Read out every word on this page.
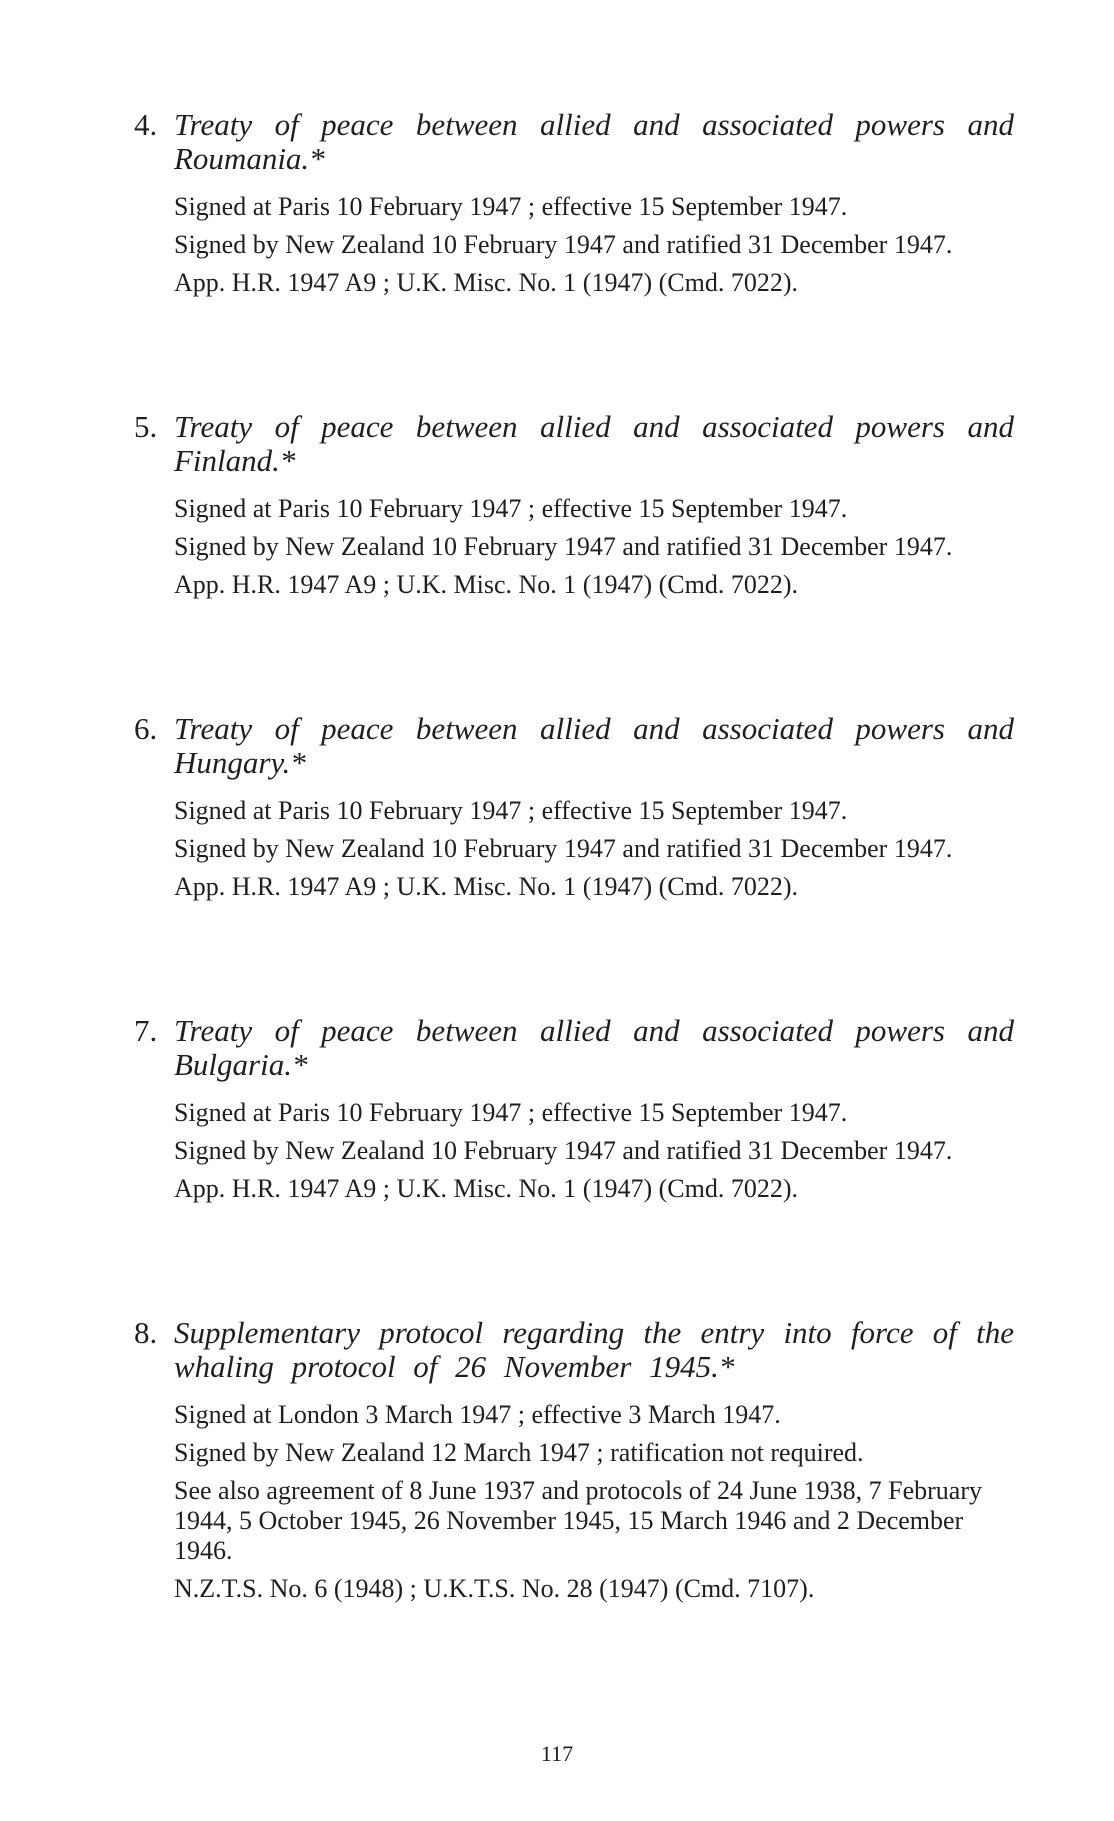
4. Treaty of peace between allied and associated powers and Roumania.*

Signed at Paris 10 February 1947 ; effective 15 September 1947.

Signed by New Zealand 10 February 1947 and ratified 31 December 1947.

App. H.R. 1947 A9 ; U.K. Misc. No. 1 (1947) (Cmd. 7022).

5. Treaty of peace between allied and associated powers and Finland.*

Signed at Paris 10 February 1947 ; effective 15 September 1947.

Signed by New Zealand 10 February 1947 and ratified 31 December 1947.

App. H.R. 1947 A9 ; U.K. Misc. No. 1 (1947) (Cmd. 7022).

6. Treaty of peace between allied and associated powers and Hungary.*

Signed at Paris 10 February 1947 ; effective 15 September 1947.

Signed by New Zealand 10 February 1947 and ratified 31 December 1947.

App. H.R. 1947 A9 ; U.K. Misc. No. 1 (1947) (Cmd. 7022).

7. Treaty of peace between allied and associated powers and Bulgaria.*

Signed at Paris 10 February 1947 ; effective 15 September 1947.

Signed by New Zealand 10 February 1947 and ratified 31 December 1947.

App. H.R. 1947 A9 ; U.K. Misc. No. 1 (1947) (Cmd. 7022).

8. Supplementary protocol regarding the entry into force of the whaling protocol of 26 November 1945.*

Signed at London 3 March 1947 ; effective 3 March 1947.

Signed by New Zealand 12 March 1947 ; ratification not required.

See also agreement of 8 June 1937 and protocols of 24 June 1938, 7 February 1944, 5 October 1945, 26 November 1945, 15 March 1946 and 2 December 1946.

N.Z.T.S. No. 6 (1948) ; U.K.T.S. No. 28 (1947) (Cmd. 7107).

117
